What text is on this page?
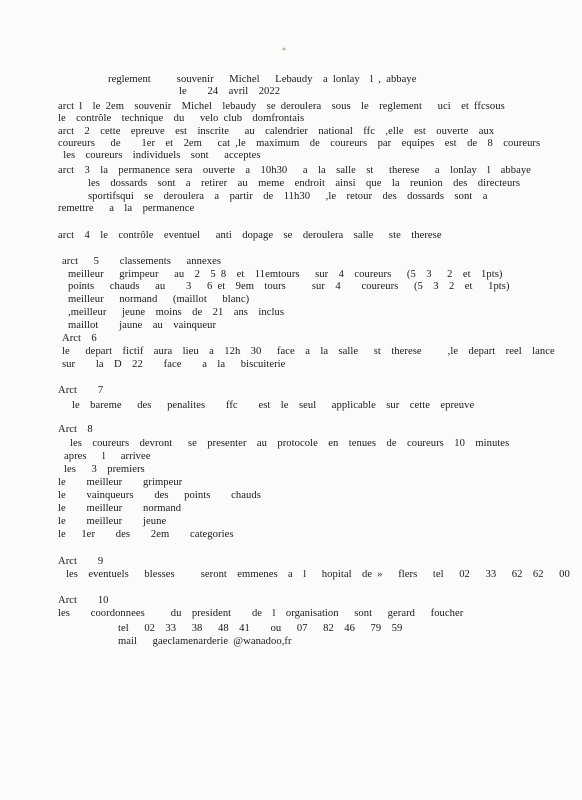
*
reglement     souvenir   Michel   Lebaudy  a lonlay  l , abbaye
le    24  avril  2022
arct l  le 2em  souvenir  Michel  lebaudy  se deroulera  sous  le  reglement   uci  et ffcsous
le  contrôle  technique  du   velo club  domfrontais
arct  2  cette  epreuve  est  inscrite   au  calendrier  national  ffc  ,elle  est  ouverte  aux
coureurs   de    1er  et  2em   cat ,le  maximum  de  coureurs  par  equipes  est  de  8  coureurs
les  coureurs  individuels  sont   acceptes
arct  3  la  permanence sera  ouverte  a  10h30   a  la  salle  st   therese   a  lonlay  l  abbaye
les  dossards  sont  a  retirer  au  meme  endroit  ainsi  que  la  reunion  des  directeurs
sportifsqui  se  deroulera  a  partir  de  11h30   ,le  retour  des  dossards  sont  a
remettre   a  la  permanence
arct  4  le  contrôle  eventuel   anti  dopage  se  deroulera  salle   ste  therese
arct   5    classements   annexes
meilleur   grimpeur   au  2  5 8  et  11emtours   sur  4  coureurs   (5  3   2  et  1pts)
points   chauds   au    3   6 et  9em  tours     sur  4    coureurs   (5  3  2  et   1pts)
meilleur   normand   (maillot   blanc)
,meilleur   jeune  moins  de  21  ans  inclus
maillot    jaune  au  vainqueur
Arct  6
le   depart  fictif  aura  lieu  a  12h  30   face  a  la  salle   st  therese     ,le  depart  reel  lance
sur    la  D  22    face    a  la   biscuiterie
Arct    7
le  bareme   des   penalites    ffc    est  le  seul   applicable  sur  cette  epreuve
Arct  8
les  coureurs  devront   se  presenter  au  protocole  en  tenues  de  coureurs  10  minutes
apres   l   arrivee
les   3  premiers
le    meilleur    grimpeur
le    vainqueurs    des   points    chauds
le    meilleur    normand
le    meilleur    jeune
le   1er    des    2em    categories
Arct    9
les  eventuels   blesses     seront  emmenes  a  l   hopital  de »   flers   tel   02   33   62  62   00
Arct    10
les    coordonnees     du  president    de  l  organisation   sont   gerard   foucher
tel   02  33   38   48  41    ou   07   82  46   79  59
mail   gaeclamenarderie @wanadoo,fr
